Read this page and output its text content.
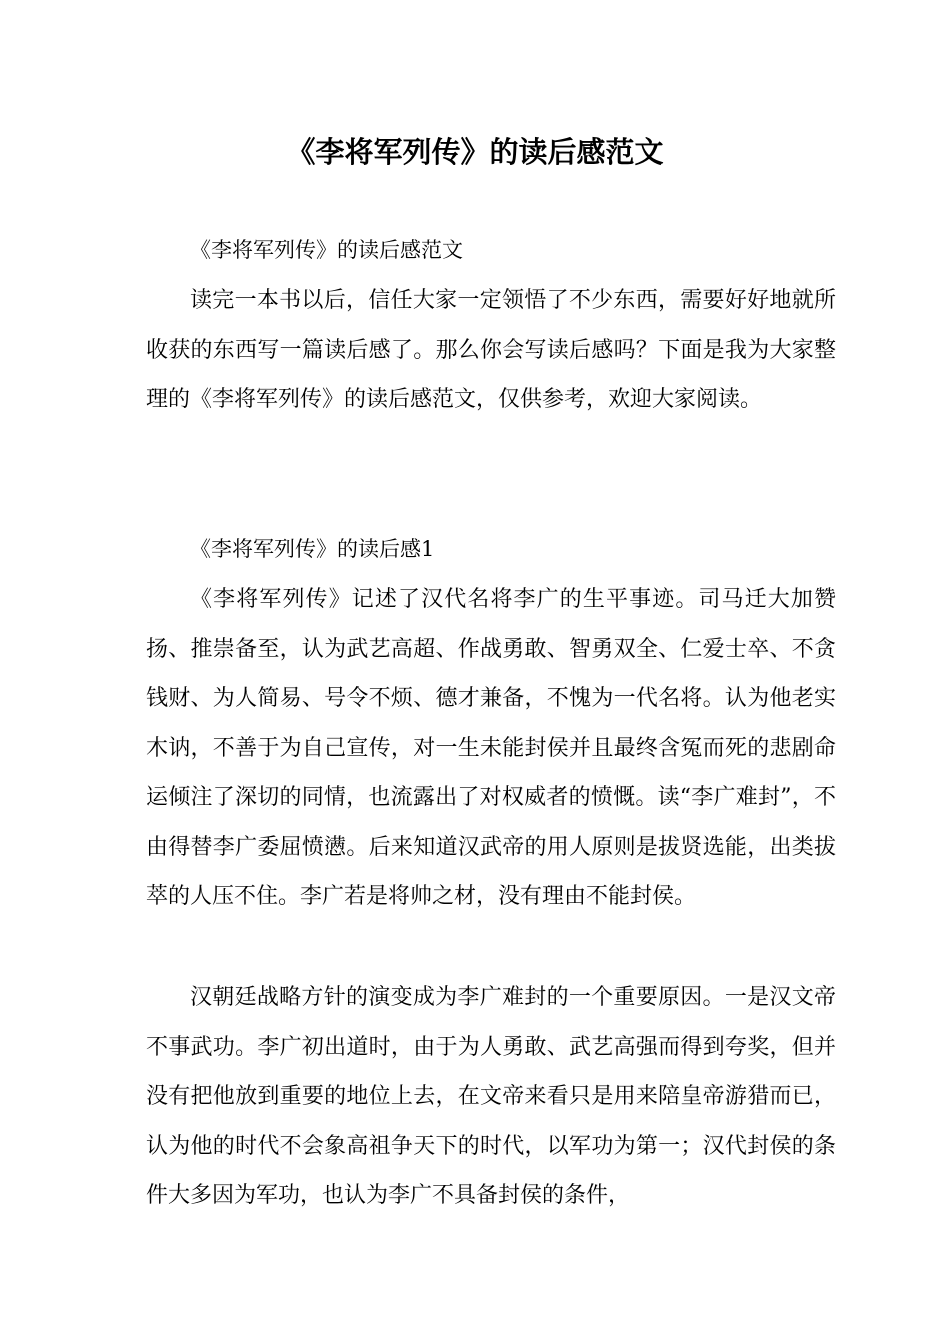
《李将军列传》的读后感范文

《李将军列传》的读后感范文

读完一本书以后，信任大家一定领悟了不少东西，需要好好地就所收获的东西写一篇读后感了。那么你会写读后感吗？下面是我为大家整理的《李将军列传》的读后感范文，仅供参考，欢迎大家阅读。

《李将军列传》的读后感1

《李将军列传》记述了汉代名将李广的生平事迹。司马迁大加赞扬、推崇备至，认为武艺高超、作战勇敢、智勇双全、仁爱士卒、不贪钱财、为人简易、号令不烦、德才兼备，不愧为一代名将。认为他老实木讷，不善于为自己宣传，对一生未能封侯并且最终含冤而死的悲剧命运倾注了深切的同情，也流露出了对权威者的愤慨。读“李广难封”，不由得替李广委屈愤懑。后来知道汉武帝的用人原则是拔贤选能，出类拔萃的人压不住。李广若是将帅之材，没有理由不能封侯。

汉朝廷战略方针的演变成为李广难封的一个重要原因。一是汉文帝不事武功。李广初出道时，由于为人勇敢、武艺高强而得到夸奖，但并没有把他放到重要的地位上去，在文帝来看只是用来陪皇帝游猎而已，认为他的时代不会象高祖争天下的时代，以军功为第一；汉代封侯的条件大多因为军功，也认为李广不具备封侯的条件，
